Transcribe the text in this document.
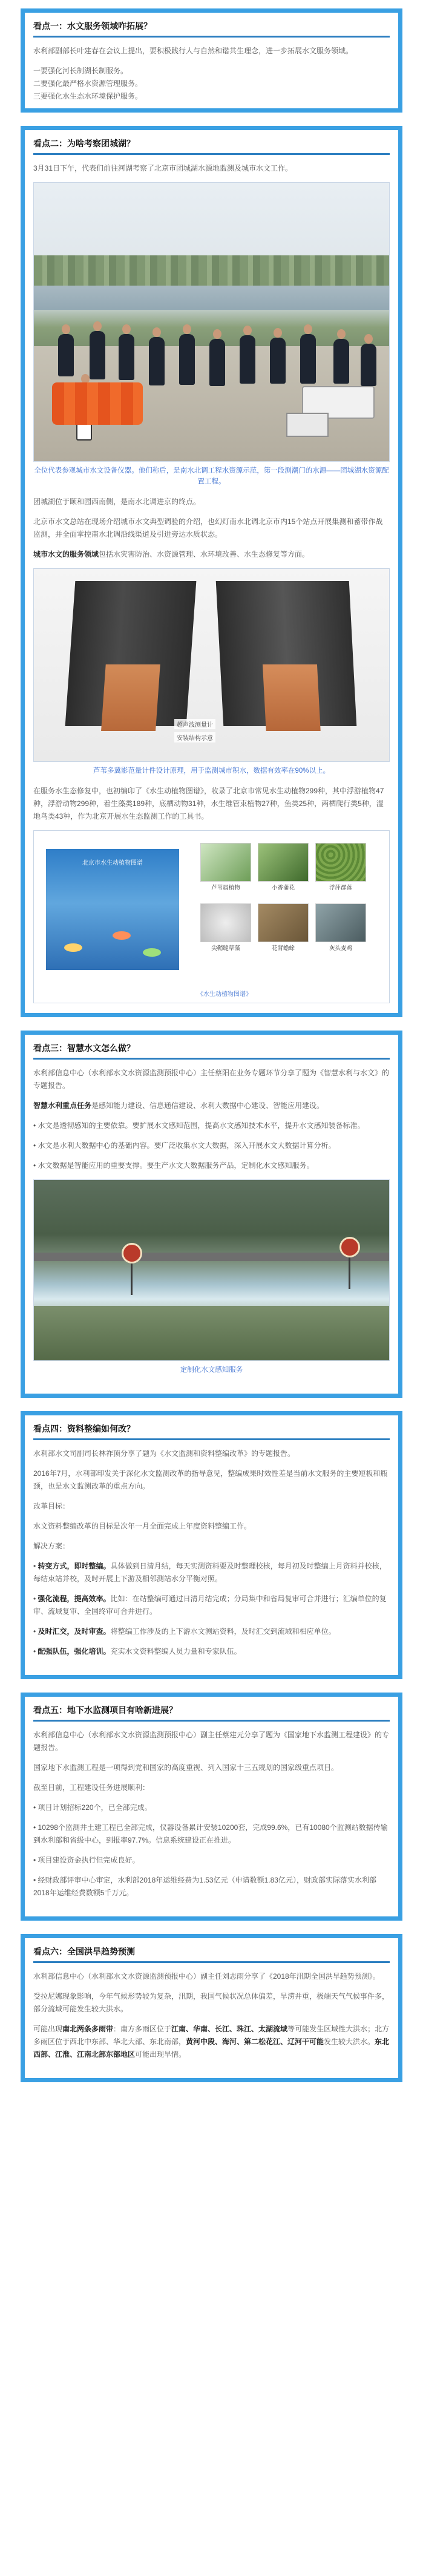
看点一：水文服务领域咋拓展？
水利部副部长叶建春在会议上提出，要积极践行人与自然和谐共生理念，进一步拓展水文服务领域。
一要强化河长制湖长制服务。
二要强化最严格水资源管理服务。
三要强化水生态水环境保护服务。
看点二：为啥考察团城湖？
3月31日下午，代表们前往河湖考察了北京市团城湖水源地监测及城市水文工作。
全位代表参观城市水文设备仪器。他们称后，是南水北调工程水资源示范，第一段测潮门的水源——团城湖水资源配置工程。
团城湖位于颐和园西南侧，是南水北调进京的终点。
北京市水文总站在现场介绍城市水文典型调验的介绍，也幻灯南水北调北京市内15个站点开展集测和蓄带作战监测，并全面掌控南水北调沿线渠道及引进旁达水质状态。
城市水文的服务领域包括水灾害防治、水资源管理、水环境改善、水生态修复等方面。
超声波测量计
安装结构示意
芦苇多冀影范量计件设计原理，用于监测城市积水，数据有效率在90%以上。
在服务水生态修复中，也初编印了《水生动植物图谱》，收录了北京市常见水生动植物299种，其中浮游植物47种，浮游动物299种，着生藻类189种，底栖动物31种，水生维管束植物27种，鱼类25种，两栖爬行类5种，湿地鸟类43种，作为北京开展水生态监测工作的工具书。
北京市水生动植物图谱
芦苇属植物	小香蒲花	浮萍群落
尖鞘缝草藻	花背蟾蜍	灰头麦鸡
《水生动植物图谱》
看点三：智慧水文怎么做？
水利部信息中心（水利部水文水资源监测预报中心）主任蔡阳在业务专题环节分享了题为《智慧水利与水文》的专题报告。
智慧水利重点任务是感知能力建设、信息通信建设、水利大数据中心建设、智能应用建设。
• 水文是透彻感知的主要依靠。要扩展水文感知范围，提高水文感知技术水平，提升水文感知装备标准。
• 水文是水利大数据中心的基础内容。要广泛收集水文大数据，深入开展水文大数据计算分析。
• 水文数据是智能应用的重要支撑。要生产水文大数据服务产品，定制化水文感知服务。
定制化水文感知服务
看点四：资料整编如何改？
水利部水文司副司长林祚顶分享了题为《水文监测和资料整编改革》的专题报告。
2016年7月，水利部印发关于深化水文监测改革的指导意见，整编成果时效性差是当前水文服务的主要短板和瓶颈，也是水文监测改革的重点方向。
改革目标：
水文资料整编改革的目标是次年一月全面完成上年度资料整编工作。
解决方案：
• 转变方式，即时整编。具体做到日清月结，每天实测资料要及时整理校核，每月初及时整编上月资料并校核，每结束站并校，及时开展上下游及相邻测站水分平衡对照。
• 强化流程，提高效率。比如：在站整编可通过日清月结完成；分局集中和省局复审可合并进行；汇编单位的复审、流域复审、全国终审可合并进行。
• 及时汇交，及时审查。将整编工作涉及的上下游水文测站资料，及时汇交到流域和相应单位。
• 配强队伍，强化培训。充实水文资料整编人员力量和专家队伍。
看点五：地下水监测项目有啥新进展？
水利部信息中心（水利部水文水资源监测预报中心）副主任蔡建元分享了题为《国家地下水监测工程建设》的专题报告。
国家地下水监测工程是一项得到党和国家的高度重视、列入国家十三五规划的国家级重点项目。
截至目前，工程建设任务进展顺利：
• 项目计划招标220个，已全部完成。
• 10298个监测井土建工程已全部完成，仪器设备累计安装10200套，完成99.6%，已有10080个监测站数据传输到水利部和省级中心，到报率97.7%。信息系统建设正在推进。
• 项目建设资金执行但完成良好。
• 经财政部评审中心审定，水利部2018年运维经费为1.53亿元（申请数额1.83亿元），财政部实际落实水利部2018年运维经费数额5千万元。
看点六：全国洪旱趋势预测
水利部信息中心（水利部水文水资源监测预报中心）副主任刘志雨分享了《2018年汛期全国洪旱趋势预测》。
受拉尼娜现象影响，今年气候形势较为复杂，汛期，我国气候状况总体偏差，旱涝并重，极端天气气候事件多，部分流域可能发生较大洪水。
可能出现南北两条多雨带：南方多雨区位于江南、华南、长江、珠江、太湖流域等可能发生区域性大洪水；北方多雨区位于西北中东部、华北大部、东北南部，黄河中段、海河、第二松花江、辽河干可能发生较大洪水。东北西部、江淮、江南北部东部地区可能出现旱情。
